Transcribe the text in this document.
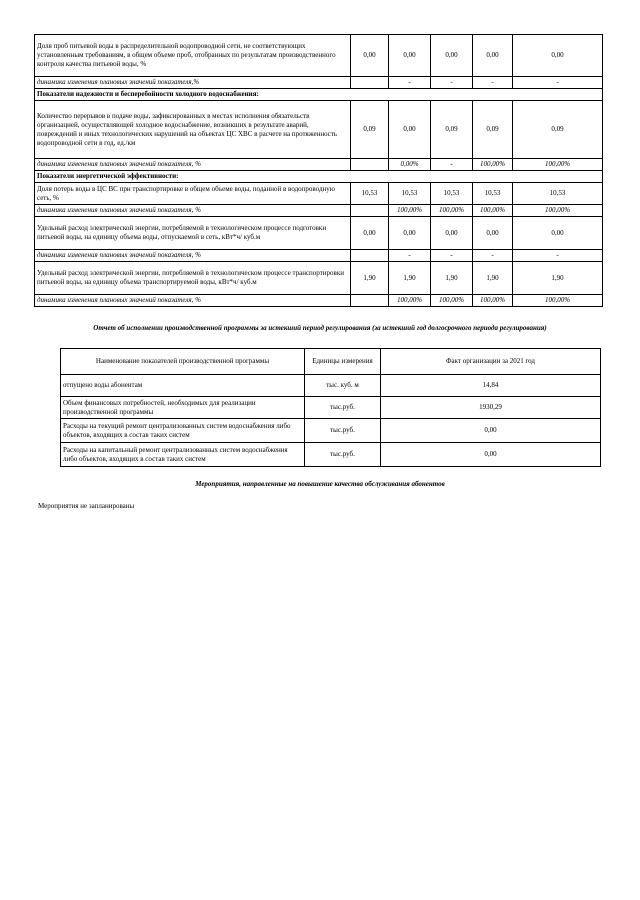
Доля проб питьевой воды в распределительной водопроводной сети, не соответствующих установленным требованиям, в общем объеме проб, отобранных по результатам производственного контроля качества питьевой воды, %	0,00	0,00	0,00	0,00	0,00
динамика изменения плановых значений показателя,%		-	-	-	-
Показатели надежности и бесперебойности холодного водоснабжения:					
Количество перерывов в подаче воды, зафиксированных в местах исполнения обязательств организацией, осуществляющей холодное водоснабжение, возникших в результате аварий, повреждений и иных технологических нарушений на объектах ЦС ХВС в расчете на протяженность водопроводной сети в год, ед./км	0,09	0,00	0,09	0,09	0,09
динамика изменения плановых значений показателя, %		0,00%	-	100,00%	100,00%
Показатели энергетической эффективности:					
Доля потерь воды в ЦС ВС при транспортировке в общем объеме воды, поданной в водопроводную сеть, %	10,53	10,53	10,53	10,53	10,53
динамика изменения плановых значений показателя, %		100,00%	100,00%	100,00%	100,00%
Удельный расход электрической энергии, потребляемой в технологическом процессе подготовки питьевой воды, на единицу объема воды, отпускаемой в сеть, кВт*ч/ куб.м	0,00	0,00	0,00	0,00	0,00
динамика изменения плановых значений показателя, %		-	-	-	-
Удельный расход электрической энергии, потребляемой в технологическом процессе транспортировки питьевой воды, на единицу объема транспортируемой воды, кВт*ч/ куб.м	1,90	1,90	1,90	1,90	1,90
динамика изменения плановых значений показателя, %		100,00%	100,00%	100,00%	100,00%
Отчет об исполнении производственной программы за истекший период регулирования (за истекший год долгосрочного периода регулирования)
Наименование показателей производственной программы	Единицы измерения	Факт организации за 2021 год
отпущено воды абонентам	тыс. куб. м	14,84
Объем финансовых потребностей, необходимых для реализации производственной программы	тыс.руб.	1930,29
Расходы на текущий ремонт централизованных систем водоснабжения либо объектов, входящих в состав таких систем	тыс.руб.	0,00
Расходы на капитальный ремонт централизованных систем водоснабжения либо объектов, входящих в состав таких систем	тыс.руб.	0,00
Мероприятия, направленные на повышение качества обслуживания абонентов
Мероприятия не запланированы
